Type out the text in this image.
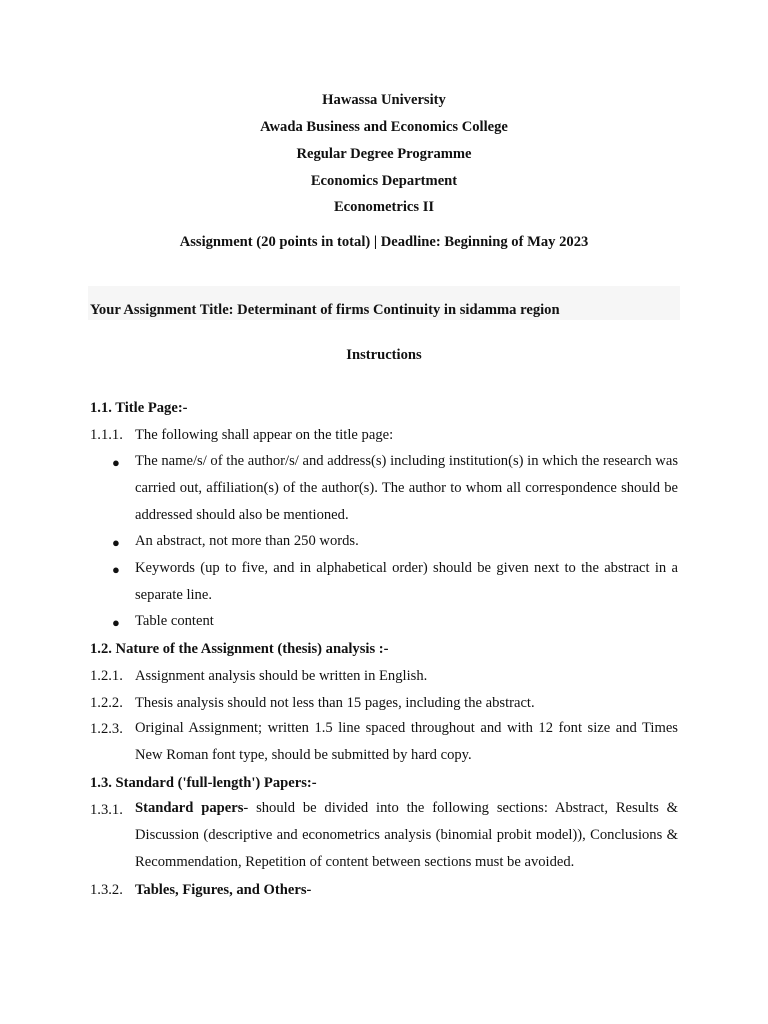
Hawassa University
Awada Business and Economics College
Regular Degree Programme
Economics Department
Econometrics II
Assignment (20 points in total) | Deadline: Beginning of May 2023
Your Assignment Title: Determinant of firms Continuity in sidamma region
Instructions
1.1. Title Page:-
1.1.1. The following shall appear on the title page:
● The name/s/ of the author/s/ and address(s) including institution(s) in which the research was carried out, affiliation(s) of the author(s). The author to whom all correspondence should be addressed should also be mentioned.
● An abstract, not more than 250 words.
● Keywords (up to five, and in alphabetical order) should be given next to the abstract in a separate line.
● Table content
1.2. Nature of the Assignment (thesis) analysis :-
1.2.1. Assignment analysis should be written in English.
1.2.2. Thesis analysis should not less than 15 pages, including the abstract.
1.2.3. Original Assignment; written 1.5 line spaced throughout and with 12 font size and Times New Roman font type, should be submitted by hard copy.
1.3. Standard ('full-length') Papers:-
1.3.1. Standard papers- should be divided into the following sections: Abstract, Results & Discussion (descriptive and econometrics analysis (binomial probit model)), Conclusions & Recommendation, Repetition of content between sections must be avoided.
1.3.2. Tables, Figures, and Others-
